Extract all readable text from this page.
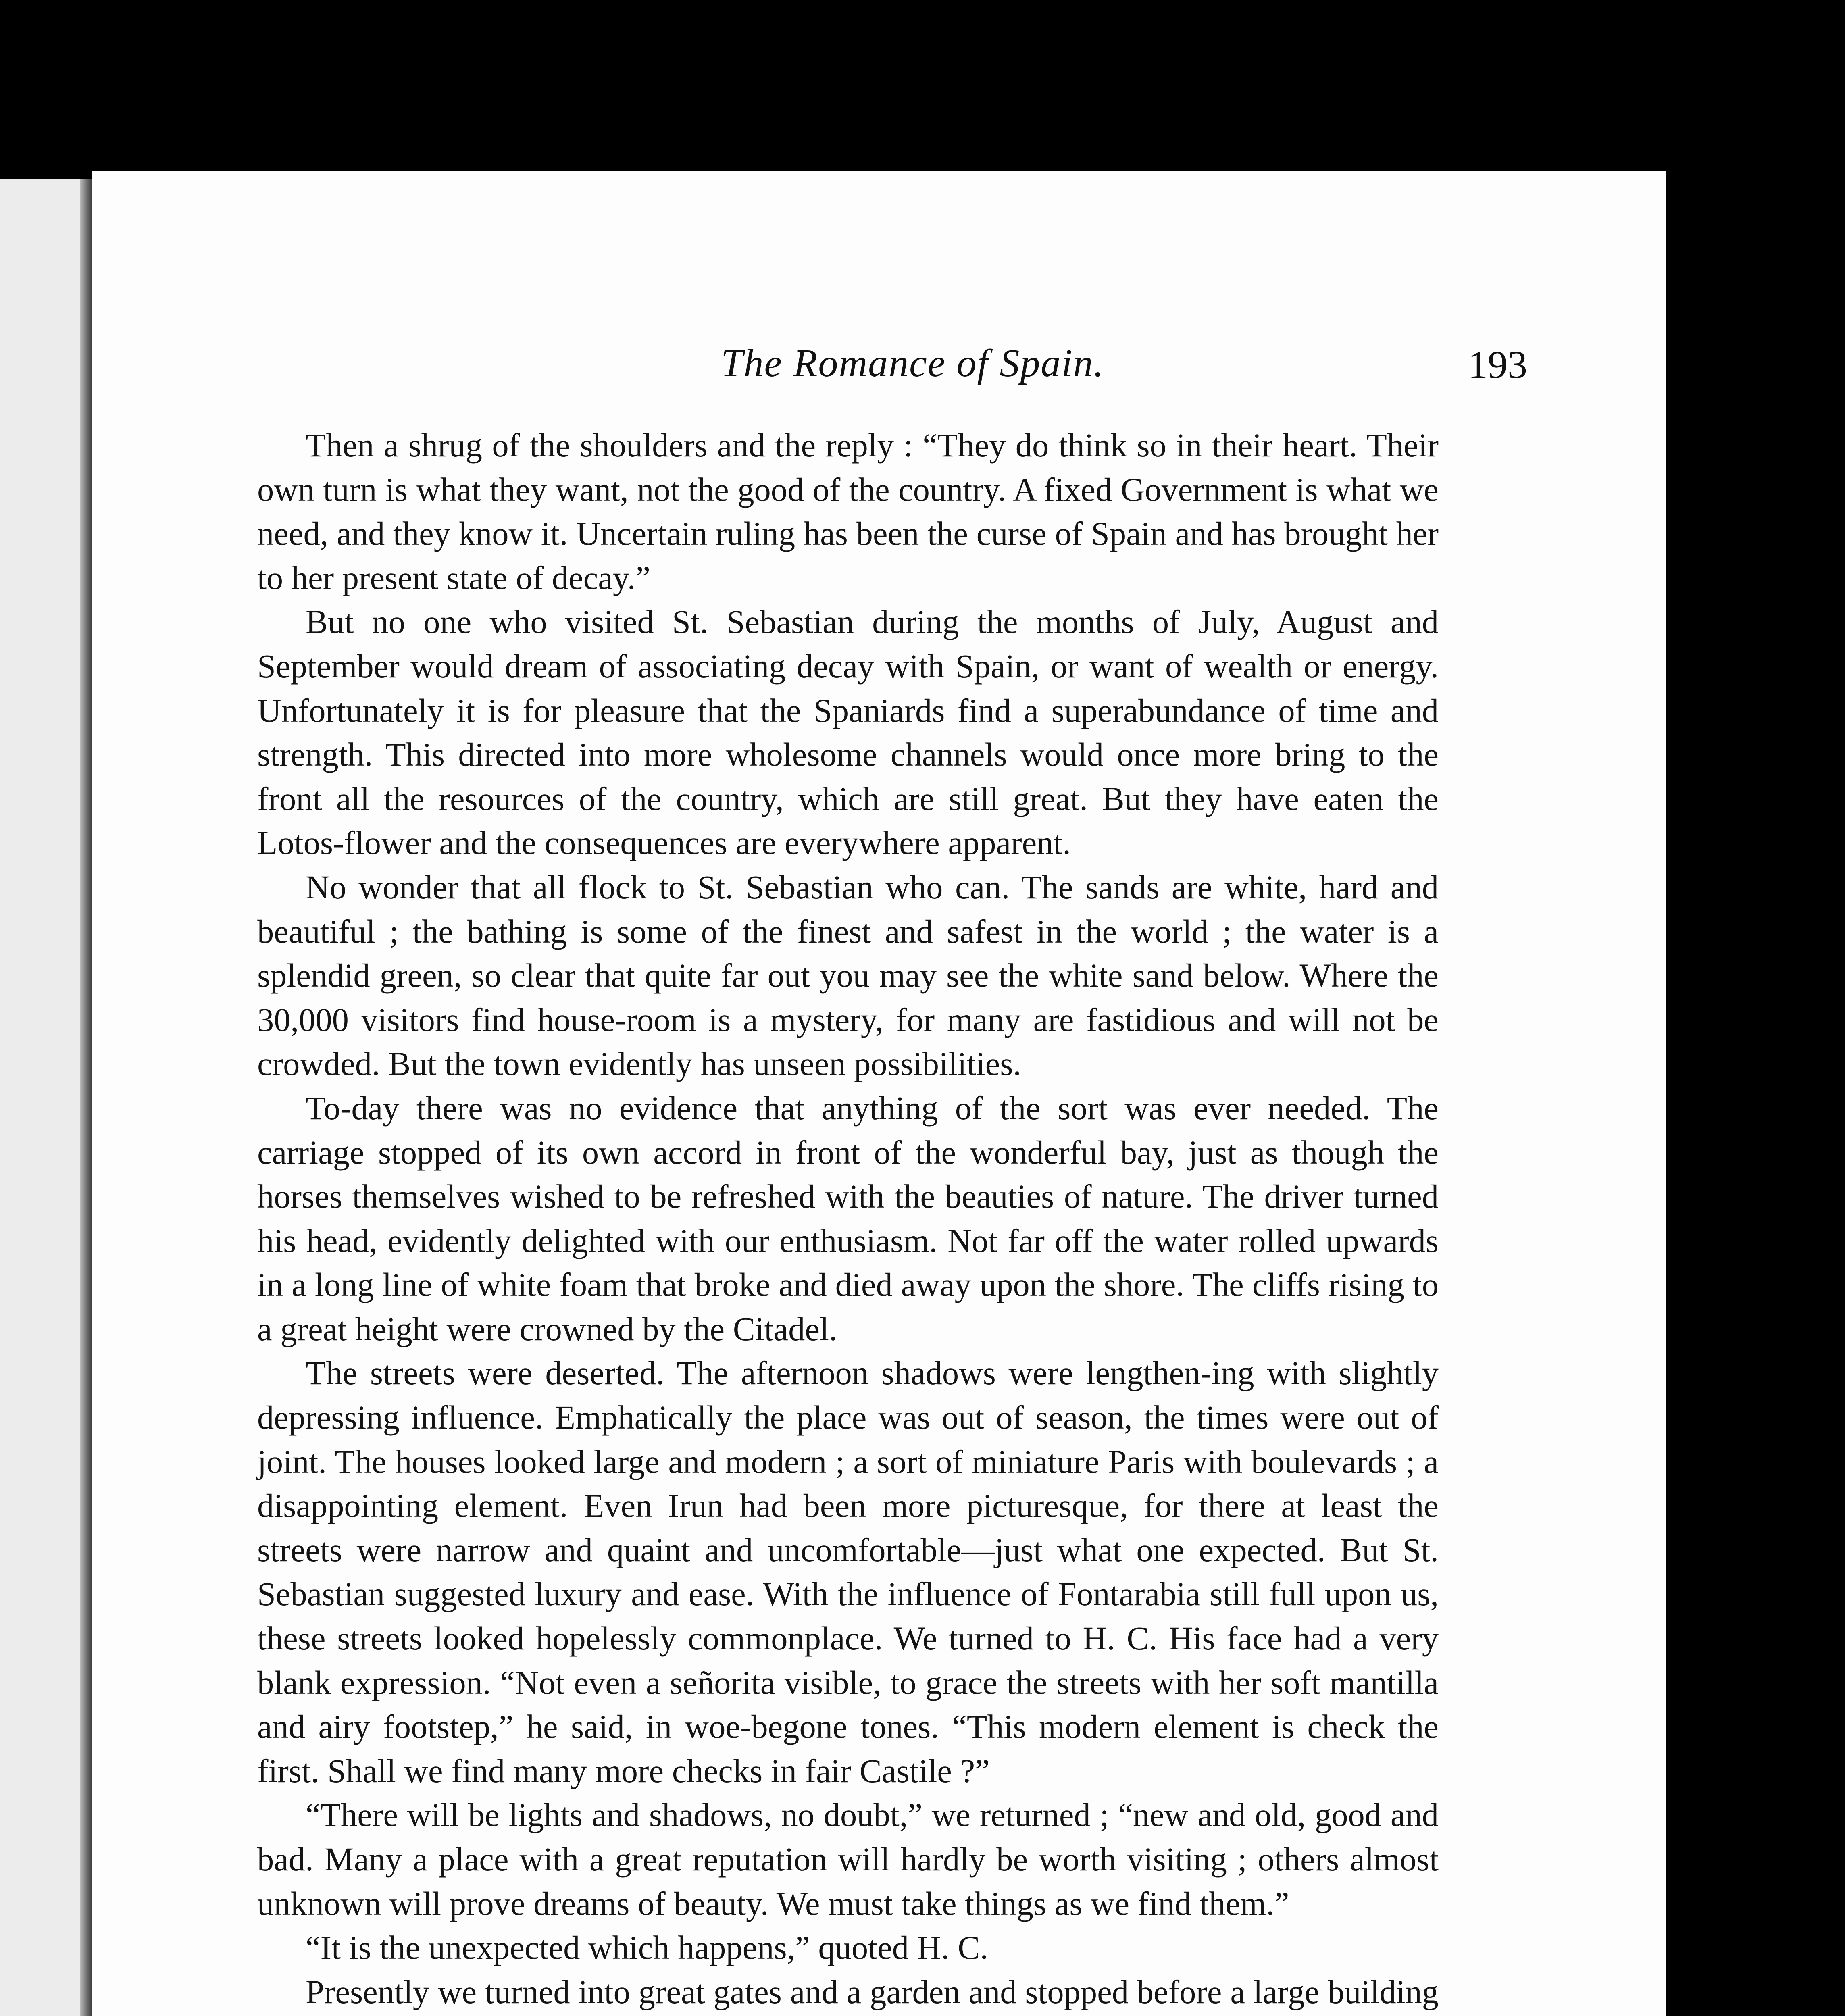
The Romance of Spain.	193

Then a shrug of the shoulders and the reply : “They do think so in their heart. Their own turn is what they want, not the good of the country. A fixed Government is what we need, and they know it. Uncertain ruling has been the curse of Spain and has brought her to her present state of decay.”

But no one who visited St. Sebastian during the months of July, August and September would dream of associating decay with Spain, or want of wealth or energy. Unfortunately it is for pleasure that the Spaniards find a superabundance of time and strength. This directed into more wholesome channels would once more bring to the front all the resources of the country, which are still great. But they have eaten the Lotos-flower and the consequences are everywhere apparent.

No wonder that all flock to St. Sebastian who can. The sands are white, hard and beautiful ; the bathing is some of the finest and safest in the world ; the water is a splendid green, so clear that quite far out you may see the white sand below. Where the 30,000 visitors find house-room is a mystery, for many are fastidious and will not be crowded. But the town evidently has unseen possibilities.

To-day there was no evidence that anything of the sort was ever needed. The carriage stopped of its own accord in front of the wonderful bay, just as though the horses themselves wished to be refreshed with the beauties of nature. The driver turned his head, evidently delighted with our enthusiasm. Not far off the water rolled upwards in a long line of white foam that broke and died away upon the shore. The cliffs rising to a great height were crowned by the Citadel.

The streets were deserted. The afternoon shadows were lengthen-ing with slightly depressing influence. Emphatically the place was out of season, the times were out of joint. The houses looked large and modern ; a sort of miniature Paris with boulevards ; a disappointing element. Even Irun had been more picturesque, for there at least the streets were narrow and quaint and uncomfortable—just what one expected. But St. Sebastian suggested luxury and ease. With the influence of Fontarabia still full upon us, these streets looked hopelessly commonplace. We turned to H. C. His face had a very blank expression. “Not even a señorita visible, to grace the streets with her soft mantilla and airy footstep,” he said, in woe-begone tones. “This modern element is check the first. Shall we find many more checks in fair Castile ?”

“There will be lights and shadows, no doubt,” we returned ; “new and old, good and bad. Many a place with a great reputation will hardly be worth visiting ; others almost unknown will prove dreams of beauty. We must take things as we find them.”

“It is the unexpected which happens,” quoted H. C.

Presently we turned into great gates and a garden and stopped before a large building
